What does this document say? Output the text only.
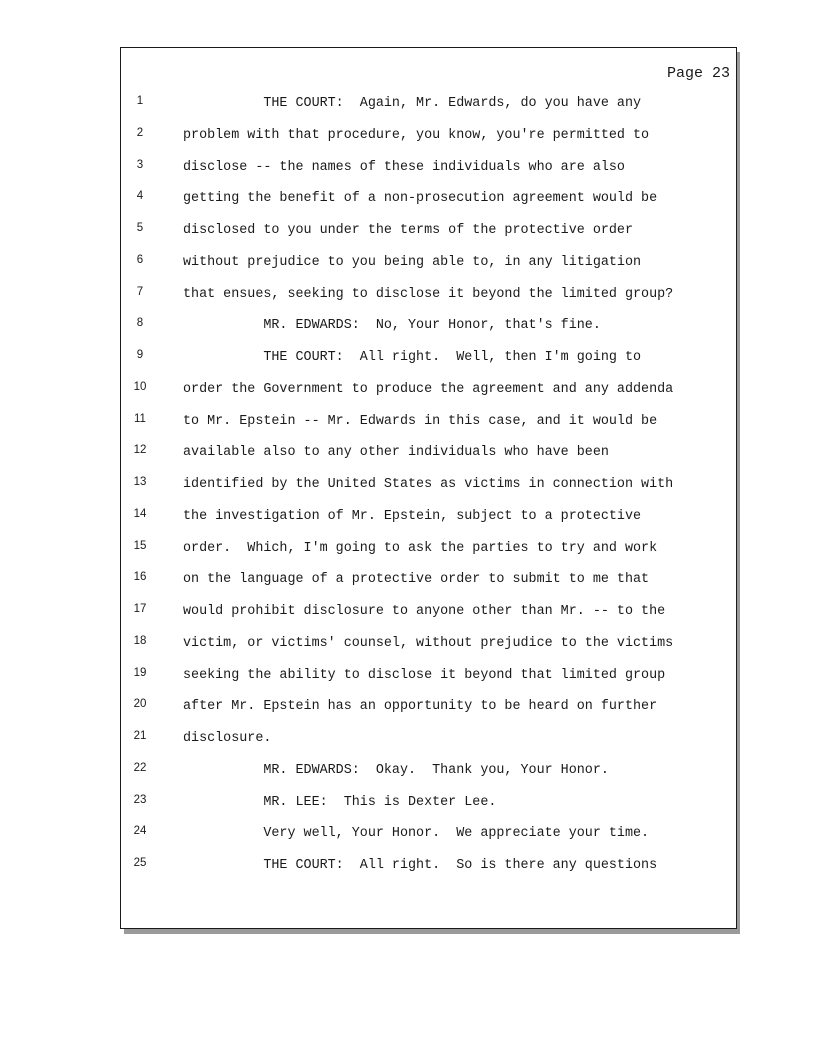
Page 23
1	THE COURT:  Again, Mr. Edwards, do you have any
2	problem with that procedure, you know, you're permitted to
3	disclose -- the names of these individuals who are also
4	getting the benefit of a non-prosecution agreement would be
5	disclosed to you under the terms of the protective order
6	without prejudice to you being able to, in any litigation
7	that ensues, seeking to disclose it beyond the limited group?
8	MR. EDWARDS:  No, Your Honor, that's fine.
9	THE COURT:  All right.  Well, then I'm going to
10	order the Government to produce the agreement and any addenda
11	to Mr. Epstein -- Mr. Edwards in this case, and it would be
12	available also to any other individuals who have been
13	identified by the United States as victims in connection with
14	the investigation of Mr. Epstein, subject to a protective
15	order.  Which, I'm going to ask the parties to try and work
16	on the language of a protective order to submit to me that
17	would prohibit disclosure to anyone other than Mr. -- to the
18	victim, or victims' counsel, without prejudice to the victims
19	seeking the ability to disclose it beyond that limited group
20	after Mr. Epstein has an opportunity to be heard on further
21	disclosure.
22	MR. EDWARDS:  Okay.  Thank you, Your Honor.
23	MR. LEE:  This is Dexter Lee.
24	Very well, Your Honor.  We appreciate your time.
25	THE COURT:  All right.  So is there any questions
